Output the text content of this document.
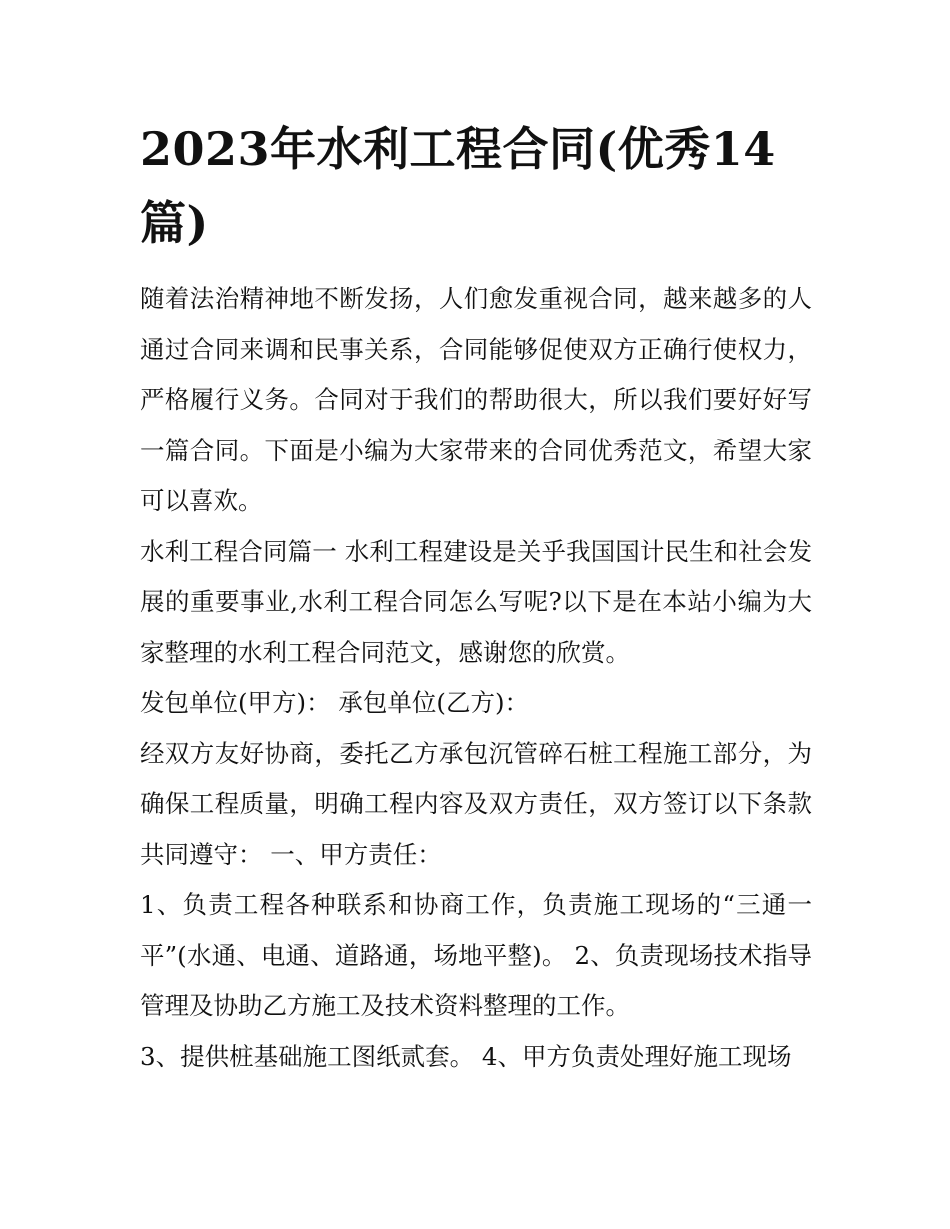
2023年水利工程合同(优秀14篇)

随着法治精神地不断发扬，人们愈发重视合同，越来越多的人通过合同来调和民事关系，合同能够促使双方正确行使权力，严格履行义务。合同对于我们的帮助很大，所以我们要好好写一篇合同。下面是小编为大家带来的合同优秀范文，希望大家可以喜欢。

水利工程合同篇一 水利工程建设是关乎我国国计民生和社会发展的重要事业,水利工程合同怎么写呢?以下是在本站小编为大家整理的水利工程合同范文，感谢您的欣赏。

发包单位(甲方)： 承包单位(乙方)：

经双方友好协商，委托乙方承包沉管碎石桩工程施工部分，为确保工程质量，明确工程内容及双方责任，双方签订以下条款共同遵守： 一、甲方责任：

1、负责工程各种联系和协商工作，负责施工现场的“三通一平”(水通、电通、道路通，场地平整)。 2、负责现场技术指导管理及协助乙方施工及技术资料整理的工作。

3、提供桩基础施工图纸贰套。 4、甲方负责处理好施工现场
